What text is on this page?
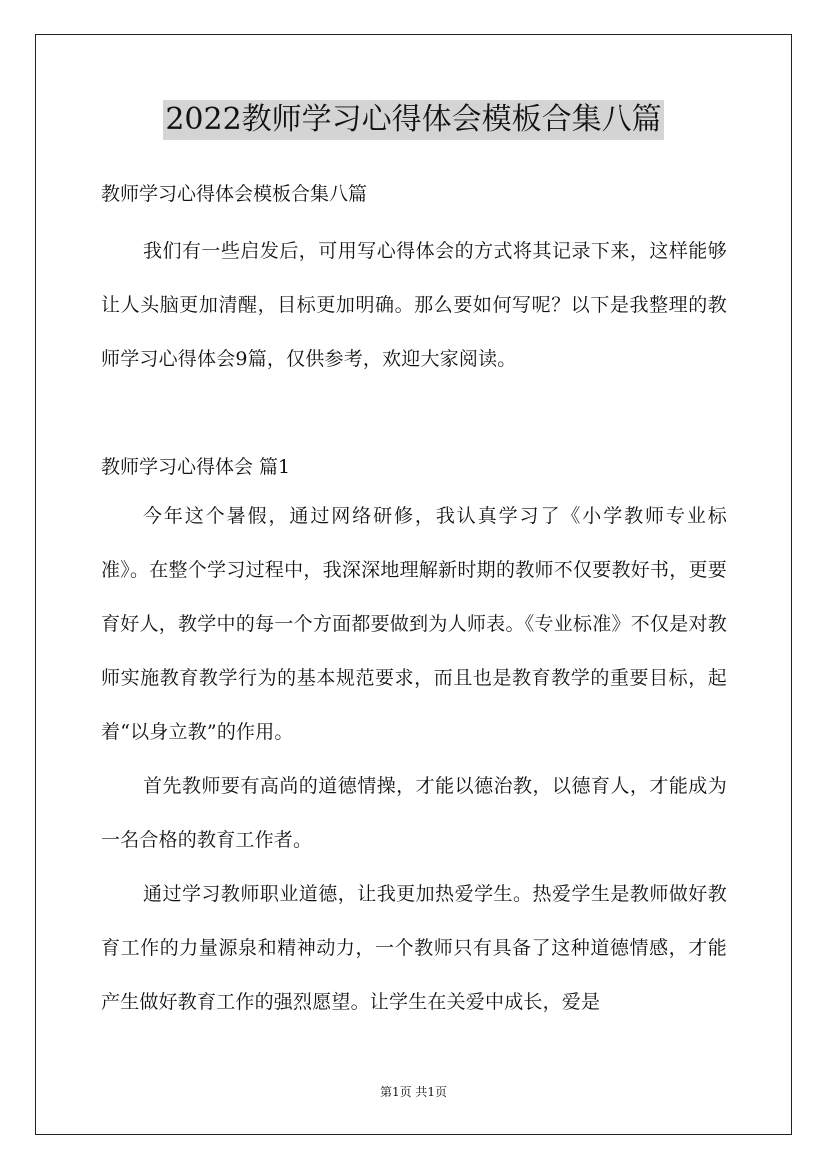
2022教师学习心得体会模板合集八篇

教师学习心得体会模板合集八篇

我们有一些启发后，可用写心得体会的方式将其记录下来，这样能够让人头脑更加清醒，目标更加明确。那么要如何写呢？以下是我整理的教师学习心得体会9篇，仅供参考，欢迎大家阅读。

教师学习心得体会 篇1

今年这个暑假，通过网络研修，我认真学习了《小学教师专业标准》。在整个学习过程中，我深深地理解新时期的教师不仅要教好书，更要育好人，教学中的每一个方面都要做到为人师表。《专业标准》不仅是对教师实施教育教学行为的基本规范要求，而且也是教育教学的重要目标，起着“以身立教”的作用。

首先教师要有高尚的道德情操，才能以德治教，以德育人，才能成为一名合格的教育工作者。

通过学习教师职业道德，让我更加热爱学生。热爱学生是教师做好教育工作的力量源泉和精神动力，一个教师只有具备了这种道德情感，才能产生做好教育工作的强烈愿望。让学生在关爱中成长，爱是

第1页 共1页
